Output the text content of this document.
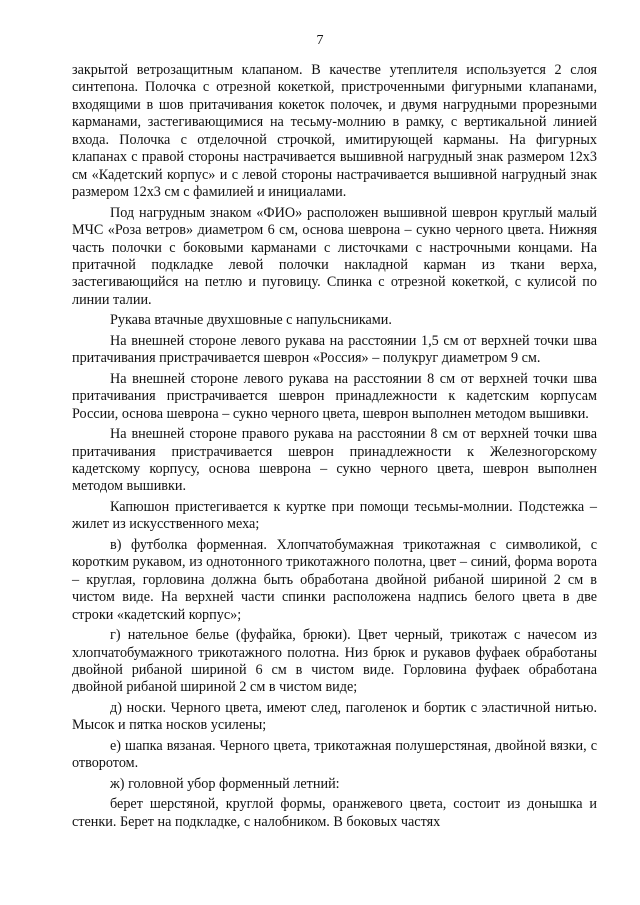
7

закрытой ветрозащитным клапаном. В качестве утеплителя используется 2 слоя синтепона. Полочка с отрезной кокеткой, пристроченными фигурными клапанами, входящими в шов притачивания кокеток полочек, и двумя нагрудными прорезными карманами, застегивающимися на тесьму-молнию в рамку, с вертикальной линией входа. Полочка с отделочной строчкой, имитирующей карманы. На фигурных клапанах с правой стороны настрачивается вышивной нагрудный знак размером 12x3 см «Кадетский корпус» и с левой стороны настрачивается вышивной нагрудный знак размером 12x3 см с фамилией и инициалами.

Под нагрудным знаком «ФИО» расположен вышивной шеврон круглый малый МЧС «Роза ветров» диаметром 6 см, основа шеврона – сукно черного цвета. Нижняя часть полочки с боковыми карманами с листочками с настрочными концами. На притачной подкладке левой полочки накладной карман из ткани верха, застегивающийся на петлю и пуговицу. Спинка с отрезной кокеткой, с кулисой по линии талии.

Рукава втачные двухшовные с напульсниками.

На внешней стороне левого рукава на расстоянии 1,5 см от верхней точки шва притачивания пристрачивается шеврон «Россия» – полукруг диаметром 9 см.

На внешней стороне левого рукава на расстоянии 8 см от верхней точки шва притачивания пристрачивается шеврон принадлежности к кадетским корпусам России, основа шеврона – сукно черного цвета, шеврон выполнен методом вышивки.

На внешней стороне правого рукава на расстоянии 8 см от верхней точки шва притачивания пристрачивается шеврон принадлежности к Железногорскому кадетскому корпусу, основа шеврона – сукно черного цвета, шеврон выполнен методом вышивки.

Капюшон пристегивается к куртке при помощи тесьмы-молнии. Подстежка – жилет из искусственного меха;

в) футболка форменная. Хлопчатобумажная трикотажная с символикой, с коротким рукавом, из однотонного трикотажного полотна, цвет – синий, форма ворота – круглая, горловина должна быть обработана двойной рибаной шириной 2 см в чистом виде. На верхней части спинки расположена надпись белого цвета в две строки «кадетский корпус»;

г) нательное белье (фуфайка, брюки). Цвет черный, трикотаж с начесом из хлопчатобумажного трикотажного полотна. Низ брюк и рукавов фуфаек обработаны двойной рибаной шириной 6 см в чистом виде. Горловина фуфаек обработана двойной рибаной шириной 2 см в чистом виде;

д) носки. Черного цвета, имеют след, паголенок и бортик с эластичной нитью. Мысок и пятка носков усилены;

е) шапка вязаная. Черного цвета, трикотажная полушерстяная, двойной вязки, с отворотом.

ж) головной убор форменный летний:

берет шерстяной, круглой формы, оранжевого цвета, состоит из донышка и стенки. Берет на подкладке, с налобником. В боковых частях
